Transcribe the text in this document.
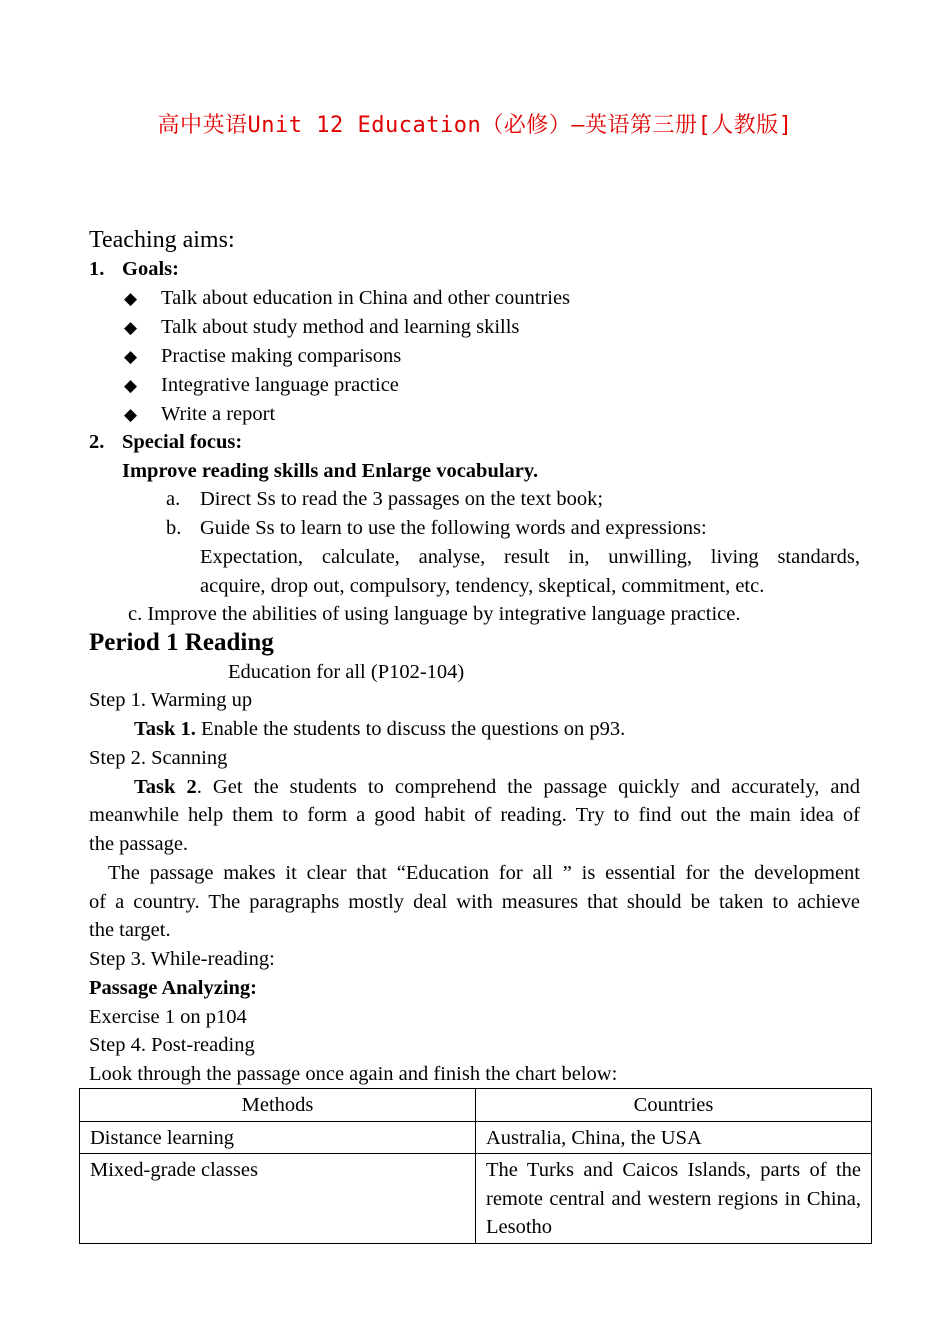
高中英语Unit 12 Education（必修）—英语第三册[人教版]
Teaching aims:
1. Goals:
◆ Talk about education in China and other countries
◆ Talk about study method and learning skills
◆ Practise making comparisons
◆ Integrative language practice
◆ Write a report
2. Special focus:
Improve reading skills and Enlarge vocabulary.
a. Direct Ss to read the 3 passages on the text book;
b. Guide Ss to learn to use the following words and expressions:
Expectation, calculate, analyse, result in, unwilling, living standards,
acquire, drop out, compulsory, tendency, skeptical, commitment, etc.
c. Improve the abilities of using language by integrative language practice.
Period 1 Reading
Education for all (P102-104)
Step 1. Warming up
Task 1. Enable the students to discuss the questions on p93.
Step 2. Scanning
Task 2. Get the students to comprehend the passage quickly and accurately, and
meanwhile help them to form a good habit of reading. Try to find out the main idea of
the passage.
The passage makes it clear that “Education for all ” is essential for the development
of a country. The paragraphs mostly deal with measures that should be taken to achieve
the target.
Step 3. While-reading:
Passage Analyzing:
Exercise 1 on p104
Step 4. Post-reading
Look through the passage once again and finish the chart below:
Methods	Countries
Distance learning	Australia, China, the USA
Mixed-grade classes	The Turks and Caicos Islands, parts of the remote central and western regions in China, Lesotho
